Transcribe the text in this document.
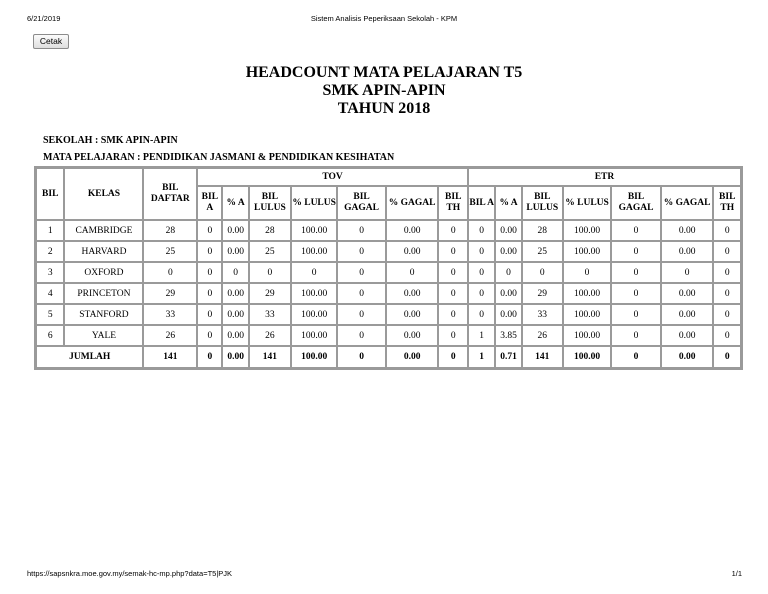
6/21/2019	Sistem Analisis Peperiksaan Sekolah - KPM
Cetak
HEADCOUNT MATA PELAJARAN T5
SMK APIN-APIN
TAHUN 2018
SEKOLAH : SMK APIN-APIN
MATA PELAJARAN : PENDIDIKAN JASMANI & PENDIDIKAN KESIHATAN
BIL	KELAS	BIL DAFTAR	TOV							ETR						
			BIL A	% A	BIL LULUS	% LULUS	BIL GAGAL	% GAGAL	BIL TH	BIL A	% A	BIL LULUS	% LULUS	BIL GAGAL	% GAGAL	BIL TH
1	CAMBRIDGE	28	0	0.00	28	100.00	0	0.00	0	0	0.00	28	100.00	0	0.00	0
2	HARVARD	25	0	0.00	25	100.00	0	0.00	0	0	0.00	25	100.00	0	0.00	0
3	OXFORD	0	0	0	0	0	0	0	0	0	0	0	0	0	0	0
4	PRINCETON	29	0	0.00	29	100.00	0	0.00	0	0	0.00	29	100.00	0	0.00	0
5	STANFORD	33	0	0.00	33	100.00	0	0.00	0	0	0.00	33	100.00	0	0.00	0
6	YALE	26	0	0.00	26	100.00	0	0.00	0	1	3.85	26	100.00	0	0.00	0
JUMLAH		141	0	0.00	141	100.00	0	0.00	0	1	0.71	141	100.00	0	0.00	0
https://sapsnkra.moe.gov.my/semak-hc-mp.php?data=T5|PJK	1/1
